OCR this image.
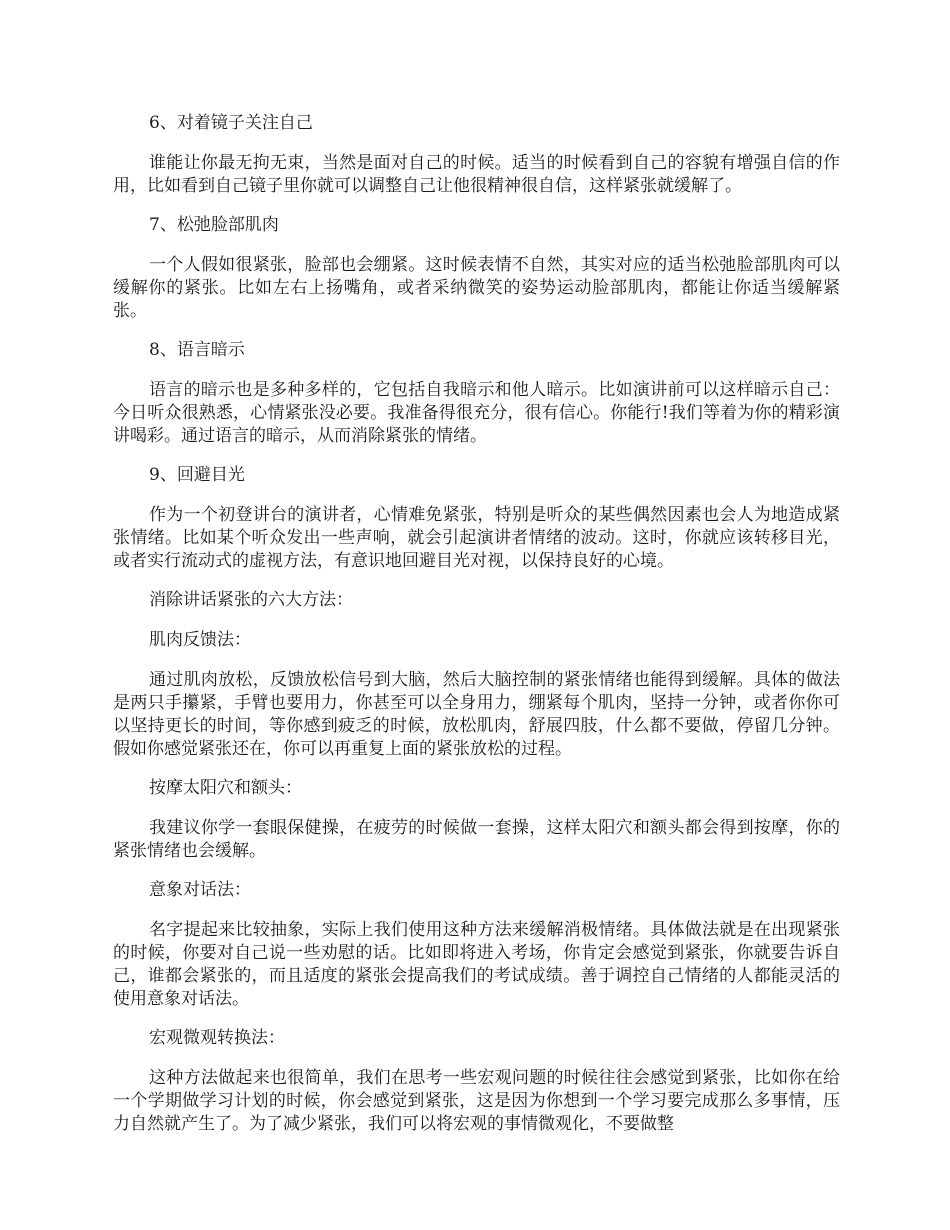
6、对着镜子关注自己

谁能让你最无拘无束，当然是面对自己的时候。适当的时候看到自己的容貌有增强自信的作用，比如看到自己镜子里你就可以调整自己让他很精神很自信，这样紧张就缓解了。

7、松弛脸部肌肉

一个人假如很紧张，脸部也会绷紧。这时候表情不自然，其实对应的适当松弛脸部肌肉可以缓解你的紧张。比如左右上扬嘴角，或者采纳微笑的姿势运动脸部肌肉，都能让你适当缓解紧张。

8、语言暗示

语言的暗示也是多种多样的，它包括自我暗示和他人暗示。比如演讲前可以这样暗示自己：今日听众很熟悉，心情紧张没必要。我准备得很充分，很有信心。你能行!我们等着为你的精彩演讲喝彩。通过语言的暗示，从而消除紧张的情绪。

9、回避目光

作为一个初登讲台的演讲者，心情难免紧张，特别是听众的某些偶然因素也会人为地造成紧张情绪。比如某个听众发出一些声响，就会引起演讲者情绪的波动。这时，你就应该转移目光，或者实行流动式的虚视方法，有意识地回避目光对视，以保持良好的心境。

消除讲话紧张的六大方法：

肌肉反馈法：

通过肌肉放松，反馈放松信号到大脑，然后大脑控制的紧张情绪也能得到缓解。具体的做法是两只手攥紧，手臂也要用力，你甚至可以全身用力，绷紧每个肌肉，坚持一分钟，或者你你可以坚持更长的时间，等你感到疲乏的时候，放松肌肉，舒展四肢，什么都不要做，停留几分钟。假如你感觉紧张还在，你可以再重复上面的紧张放松的过程。

按摩太阳穴和额头：

我建议你学一套眼保健操，在疲劳的时候做一套操，这样太阳穴和额头都会得到按摩，你的紧张情绪也会缓解。

意象对话法：

名字提起来比较抽象，实际上我们使用这种方法来缓解消极情绪。具体做法就是在出现紧张的时候，你要对自己说一些劝慰的话。比如即将进入考场，你肯定会感觉到紧张，你就要告诉自己，谁都会紧张的，而且适度的紧张会提高我们的考试成绩。善于调控自己情绪的人都能灵活的使用意象对话法。

宏观微观转换法：

这种方法做起来也很简单，我们在思考一些宏观问题的时候往往会感觉到紧张，比如你在给一个学期做学习计划的时候，你会感觉到紧张，这是因为你想到一个学习要完成那么多事情，压力自然就产生了。为了减少紧张，我们可以将宏观的事情微观化，不要做整
